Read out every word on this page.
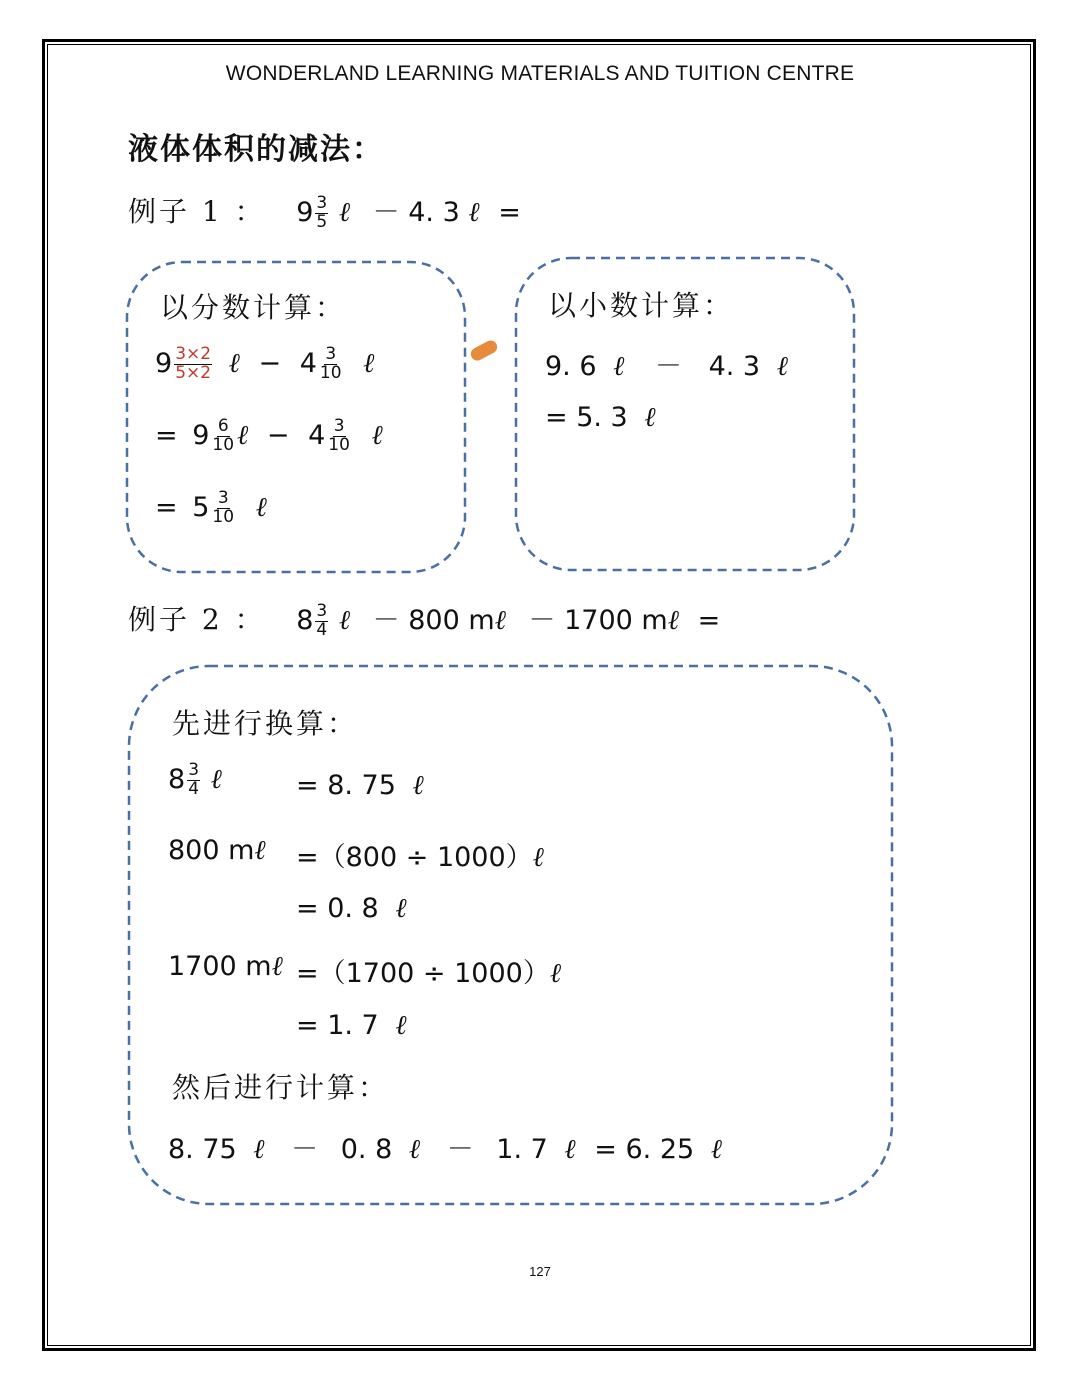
WONDERLAND LEARNING MATERIALS AND TUITION CENTRE
液体体积的减法：
例子 1 ： $9 \frac{3}{5}$ ℓ － 4. 3 ℓ =
以分数计算：
$9 \frac{3\times 2}{5\times 2}$ ℓ − $4 \frac{3}{10}$ ℓ
= $9 \frac{6}{10}$ ℓ − $4 \frac{3}{10}$ ℓ
= $5 \frac{3}{10}$ ℓ
以小数计算：
9. 6 ℓ － 4. 3 ℓ
= 5. 3 ℓ
例子 2 ： $8 \frac{3}{4}$ ℓ － 800 mℓ － 1700 mℓ =
先进行换算：
$8 \frac{3}{4}$ ℓ	= 8. 75 ℓ
800 mℓ =（800 ÷ 1000）ℓ
= 0. 8 ℓ
1700 mℓ =（1700 ÷ 1000）ℓ
= 1. 7 ℓ
然后进行计算：
8. 75 ℓ － 0. 8 ℓ － 1. 7 ℓ = 6. 25 ℓ
127
